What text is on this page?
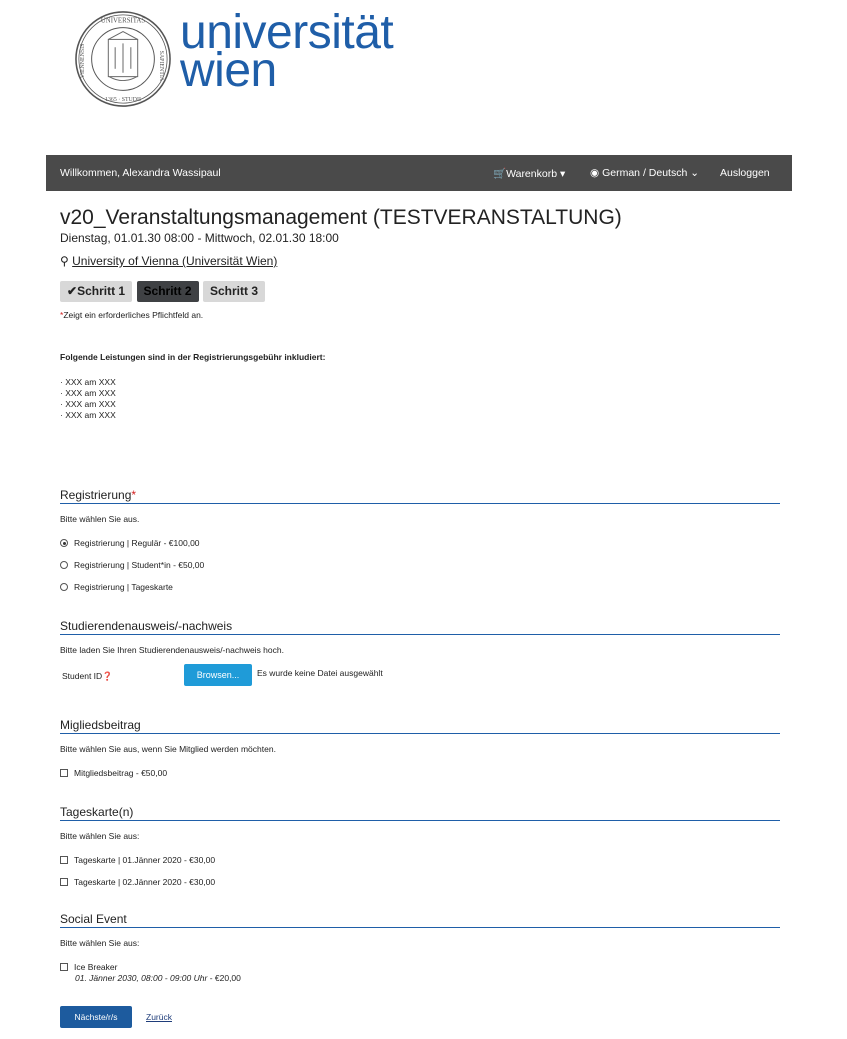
UNIVERSITAS
SAPIENTIA
1365 · STUDII
VIENNENSIS
universität
wien
Willkommen, Alexandra Wassipaul	🛒Warenkorb ▾ ◉ German / Deutsch ⌄ Ausloggen
v20_Veranstaltungsmanagement (TESTVERANSTALTUNG)
Dienstag, 01.01.30 08:00 - Mittwoch, 02.01.30 18:00
⚲ University of Vienna (Universität Wien)
✔Schritt 1 Schritt 2 Schritt 3
*Zeigt ein erforderliches Pflichtfeld an.
Folgende Leistungen sind in der Registrierungsgebühr inkludiert:
· XXX am XXX
· XXX am XXX
· XXX am XXX
· XXX am XXX
Registrierung*
Bitte wählen Sie aus.
Registrierung | Regulär - €100,00
Registrierung | Student*in - €50,00
Registrierung | Tageskarte
Studierendenausweis/-nachweis
Bitte laden Sie Ihren Studierendenausweis/-nachweis hoch.
Student ID❓	Browsen...	Es wurde keine Datei ausgewählt
Migliedsbeitrag
Bitte wählen Sie aus, wenn Sie Mitglied werden möchten.
Mitgliedsbeitrag - €50,00
Tageskarte(n)
Bitte wählen Sie aus:
Tageskarte | 01.Jänner 2020 - €30,00
Tageskarte | 02.Jänner 2020 - €30,00
Social Event
Bitte wählen Sie aus:
Ice Breaker
01. Jänner 2030, 08:00 - 09:00 Uhr - €20,00
Nächste/r/s	Zurück
